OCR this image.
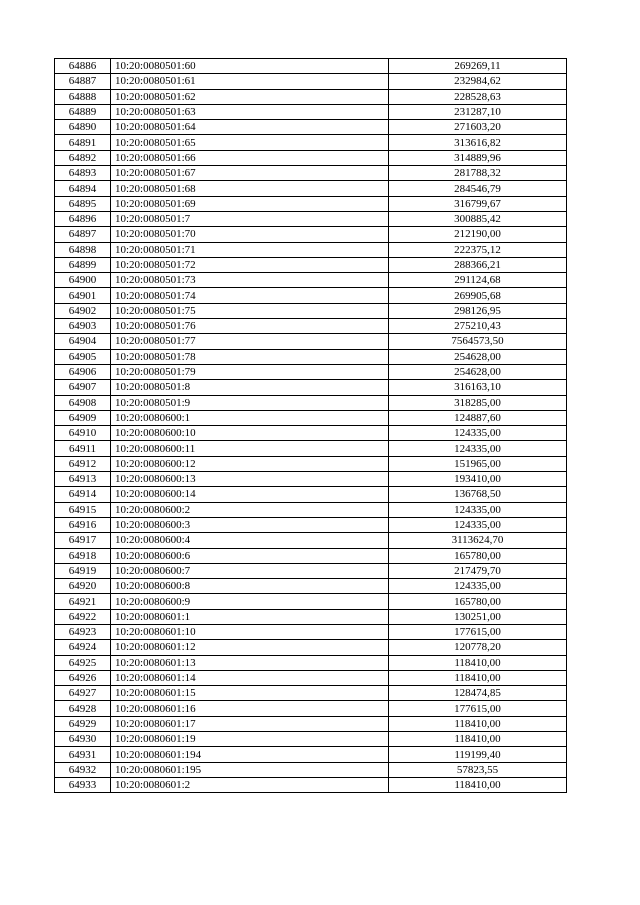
64886	10:20:0080501:60	269269,11
64887	10:20:0080501:61	232984,62
64888	10:20:0080501:62	228528,63
64889	10:20:0080501:63	231287,10
64890	10:20:0080501:64	271603,20
64891	10:20:0080501:65	313616,82
64892	10:20:0080501:66	314889,96
64893	10:20:0080501:67	281788,32
64894	10:20:0080501:68	284546,79
64895	10:20:0080501:69	316799,67
64896	10:20:0080501:7	300885,42
64897	10:20:0080501:70	212190,00
64898	10:20:0080501:71	222375,12
64899	10:20:0080501:72	288366,21
64900	10:20:0080501:73	291124,68
64901	10:20:0080501:74	269905,68
64902	10:20:0080501:75	298126,95
64903	10:20:0080501:76	275210,43
64904	10:20:0080501:77	7564573,50
64905	10:20:0080501:78	254628,00
64906	10:20:0080501:79	254628,00
64907	10:20:0080501:8	316163,10
64908	10:20:0080501:9	318285,00
64909	10:20:0080600:1	124887,60
64910	10:20:0080600:10	124335,00
64911	10:20:0080600:11	124335,00
64912	10:20:0080600:12	151965,00
64913	10:20:0080600:13	193410,00
64914	10:20:0080600:14	136768,50
64915	10:20:0080600:2	124335,00
64916	10:20:0080600:3	124335,00
64917	10:20:0080600:4	3113624,70
64918	10:20:0080600:6	165780,00
64919	10:20:0080600:7	217479,70
64920	10:20:0080600:8	124335,00
64921	10:20:0080600:9	165780,00
64922	10:20:0080601:1	130251,00
64923	10:20:0080601:10	177615,00
64924	10:20:0080601:12	120778,20
64925	10:20:0080601:13	118410,00
64926	10:20:0080601:14	118410,00
64927	10:20:0080601:15	128474,85
64928	10:20:0080601:16	177615,00
64929	10:20:0080601:17	118410,00
64930	10:20:0080601:19	118410,00
64931	10:20:0080601:194	119199,40
64932	10:20:0080601:195	57823,55
64933	10:20:0080601:2	118410,00
